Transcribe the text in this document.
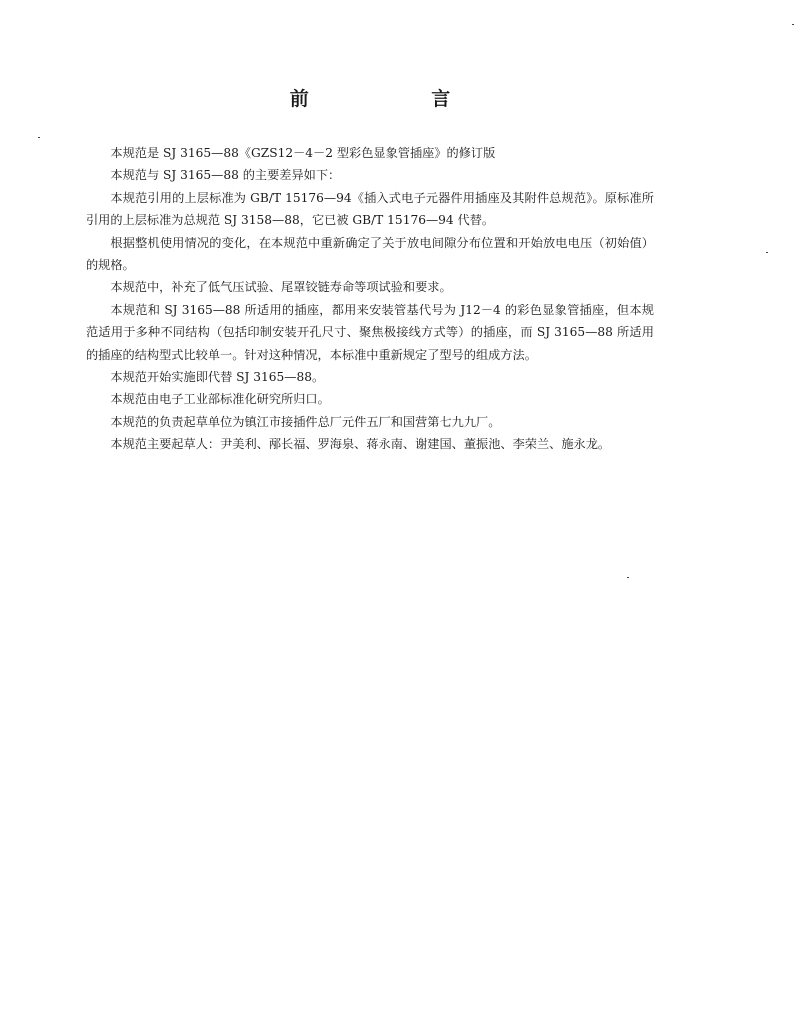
前 言

本规范是 SJ 3165—88《GZS12－4－2 型彩色显象管插座》的修订版

本规范与 SJ 3165—88 的主要差异如下：

本规范引用的上层标准为 GB/T 15176—94《插入式电子元器件用插座及其附件总规范》。原标准所引用的上层标准为总规范 SJ 3158—88，它已被 GB/T 15176—94 代替。

根据整机使用情况的变化，在本规范中重新确定了关于放电间隙分布位置和开始放电电压（初始值）的规格。

本规范中，补充了低气压试验、尾罩铰链寿命等项试验和要求。

本规范和 SJ 3165—88 所适用的插座，都用来安装管基代号为 J12－4 的彩色显象管插座，但本规范适用于多种不同结构（包括印制安装开孔尺寸、聚焦极接线方式等）的插座，而 SJ 3165—88 所适用的插座的结构型式比较单一。针对这种情况，本标准中重新规定了型号的组成方法。

本规范开始实施即代替 SJ 3165—88。

本规范由电子工业部标准化研究所归口。

本规范的负责起草单位为镇江市接插件总厂元件五厂和国营第七九九厂。

本规范主要起草人：尹美利、邴长福、罗海泉、蒋永南、谢建国、董振池、李荣兰、施永龙。
